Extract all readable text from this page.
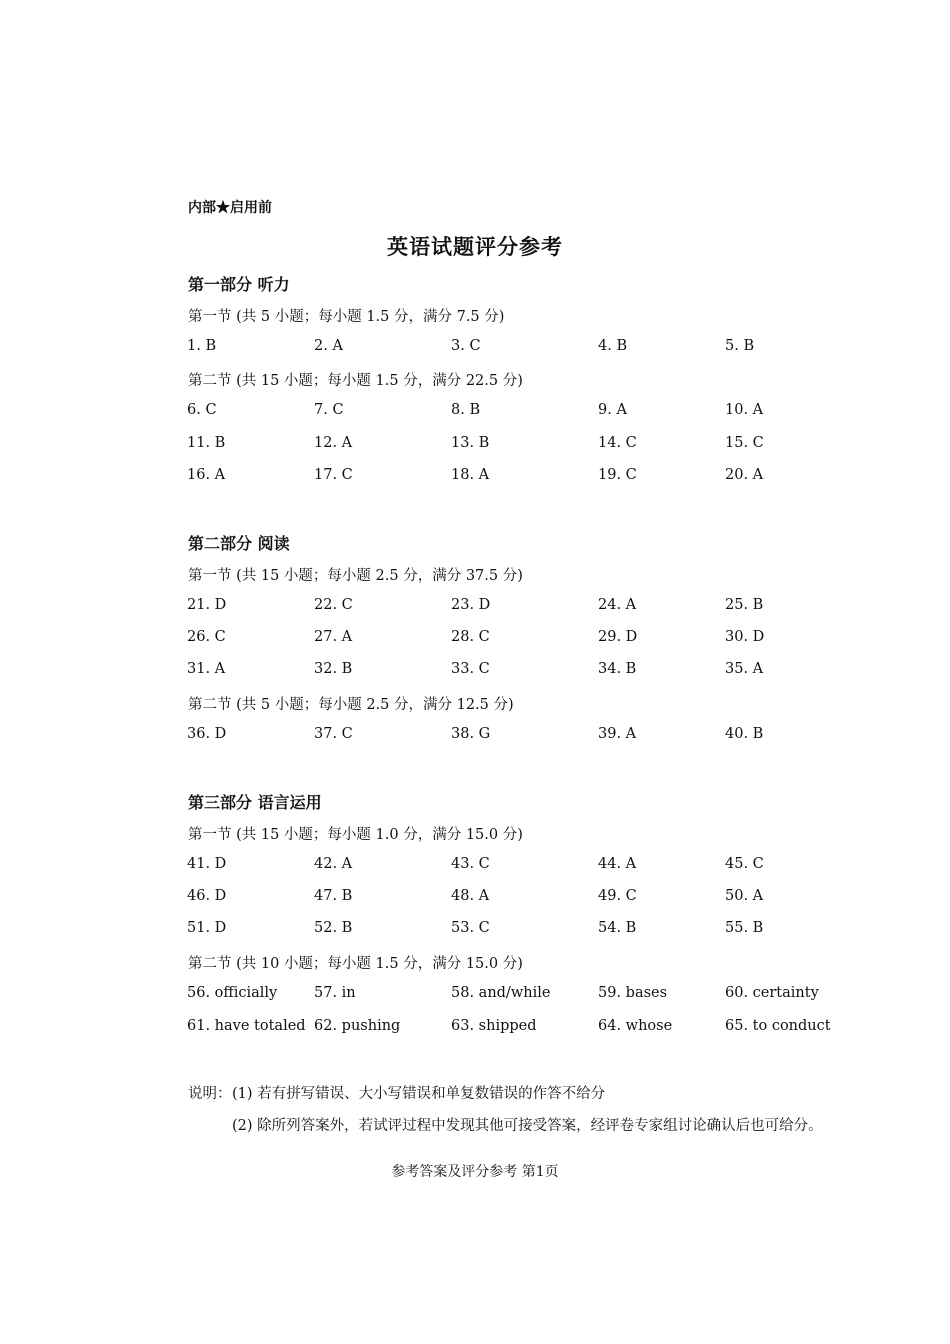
内部★启用前
英语试题评分参考
第一部分 听力
第一节 (共 5 小题；每小题 1.5 分，满分 7.5 分)
1. B	2. A	3. C	4. B	5. B
第二节 (共 15 小题；每小题 1.5 分，满分 22.5 分)
6. C	7. C	8. B	9. A	10. A
11. B	12. A	13. B	14. C	15. C
16. A	17. C	18. A	19. C	20. A
第二部分 阅读
第一节 (共 15 小题；每小题 2.5 分，满分 37.5 分)
21. D	22. C	23. D	24. A	25. B
26. C	27. A	28. C	29. D	30. D
31. A	32. B	33. C	34. B	35. A
第二节 (共 5 小题；每小题 2.5 分，满分 12.5 分)
36. D	37. C	38. G	39. A	40. B
第三部分 语言运用
第一节 (共 15 小题；每小题 1.0 分，满分 15.0 分)
41. D	42. A	43. C	44. A	45. C
46. D	47. B	48. A	49. C	50. A
51. D	52. B	53. C	54. B	55. B
第二节 (共 10 小题；每小题 1.5 分，满分 15.0 分)
56. officially	57. in	58. and/while	59. bases	60. certainty
61. have totaled 62. pushing	63. shipped	64. whose	65. to conduct
说明： (1) 若有拼写错误、大小写错误和单复数错误的作答不给分
(2) 除所列答案外，若试评过程中发现其他可接受答案，经评卷专家组讨论确认后也可给分。
参考答案及评分参考 第1页
